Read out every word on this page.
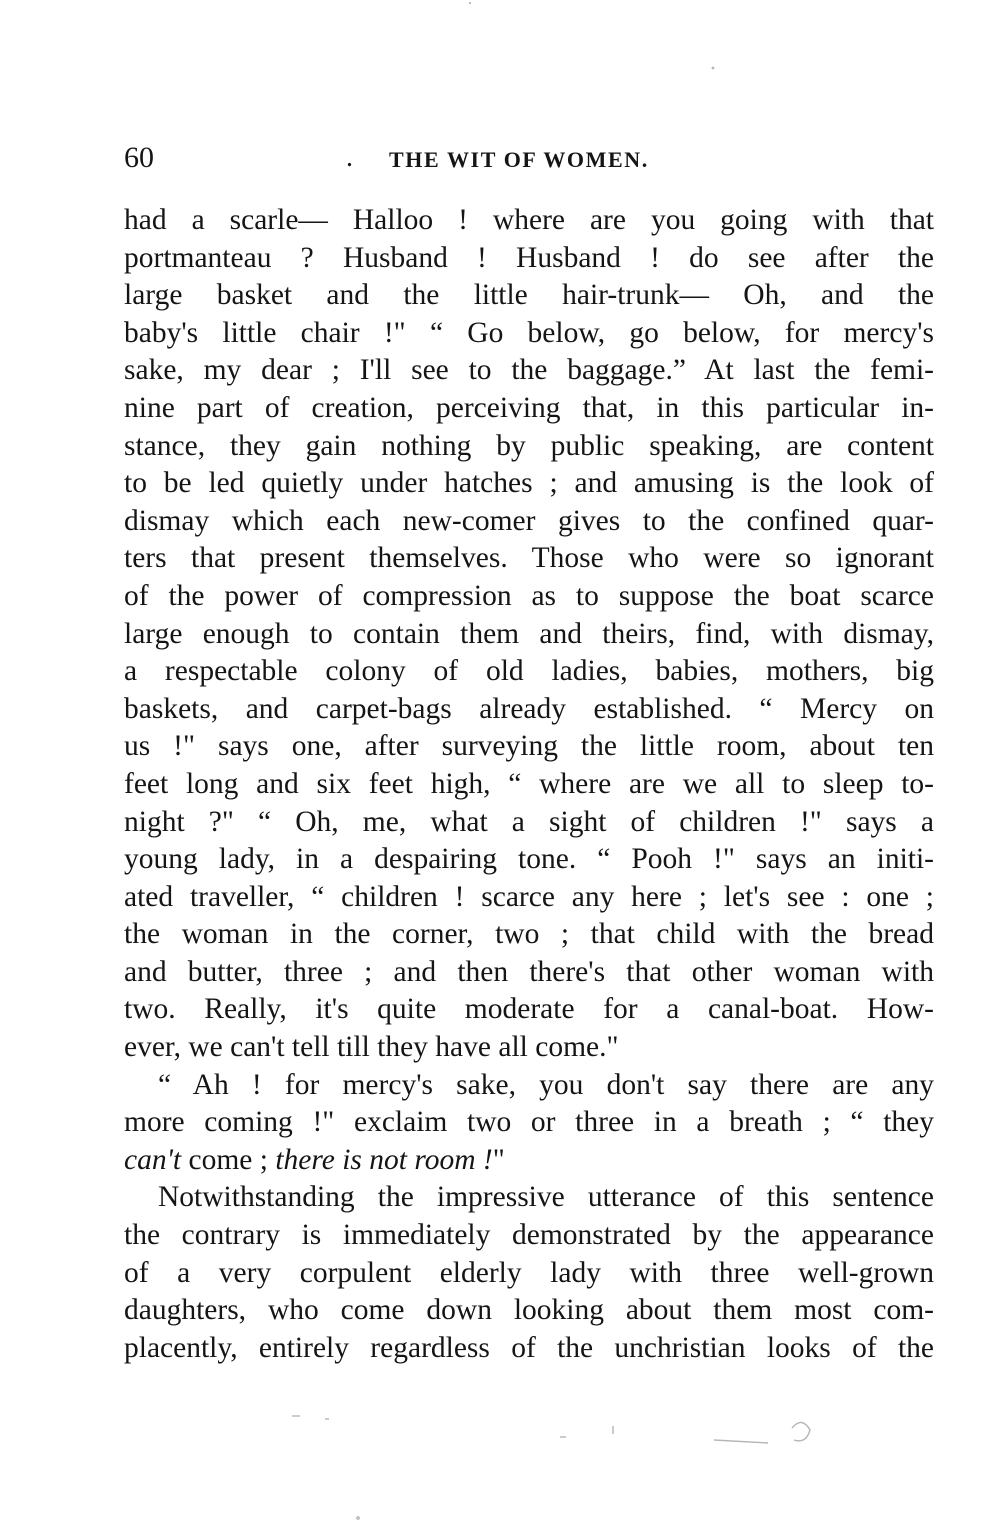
60	. THE WIT OF WOMEN.
had a scarle— Halloo ! where are you going with that
portmanteau ? Husband ! Husband ! do see after the
large basket and the little hair-trunk— Oh, and the
baby's little chair !" “ Go below, go below, for mercy's
sake, my dear ; I'll see to the baggage.” At last the femi-
nine part of creation, perceiving that, in this particular in-
stance, they gain nothing by public speaking, are content
to be led quietly under hatches ; and amusing is the look of
dismay which each new-comer gives to the confined quar-
ters that present themselves. Those who were so ignorant
of the power of compression as to suppose the boat scarce
large enough to contain them and theirs, find, with dismay,
a respectable colony of old ladies, babies, mothers, big
baskets, and carpet-bags already established. “ Mercy on
us !" says one, after surveying the little room, about ten
feet long and six feet high, “ where are we all to sleep to-
night ?" “ Oh, me, what a sight of children !" says a
young lady, in a despairing tone. “ Pooh !" says an initi-
ated traveller, “ children ! scarce any here ; let's see : one ;
the woman in the corner, two ; that child with the bread
and butter, three ; and then there's that other woman with
two. Really, it's quite moderate for a canal-boat. How-
ever, we can't tell till they have all come."
“ Ah ! for mercy's sake, you don't say there are any
more coming !" exclaim two or three in a breath ; “ they
can't come ; there is not room !"
Notwithstanding the impressive utterance of this sentence
the contrary is immediately demonstrated by the appearance
of a very corpulent elderly lady with three well-grown
daughters, who come down looking about them most com-
placently, entirely regardless of the unchristian looks of the
